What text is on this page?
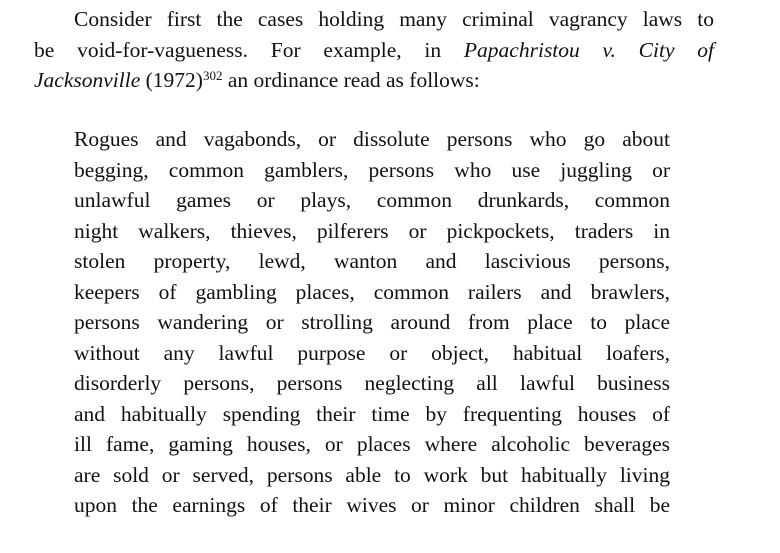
Consider first the cases holding many criminal vagrancy laws to
be void-for-vagueness. For example, in Papachristou v. City of
Jacksonville (1972)$^{302}$ an ordinance read as follows:
Rogues and vagabonds, or dissolute persons who go about
begging, common gamblers, persons who use juggling or
unlawful games or plays, common drunkards, common
night walkers, thieves, pilferers or pickpockets, traders in
stolen property, lewd, wanton and lascivious persons,
keepers of gambling places, common railers and brawlers,
persons wandering or strolling around from place to place
without any lawful purpose or object, habitual loafers,
disorderly persons, persons neglecting all lawful business
and habitually spending their time by frequenting houses of
ill fame, gaming houses, or places where alcoholic beverages
are sold or served, persons able to work but habitually living
upon the earnings of their wives or minor children shall be
